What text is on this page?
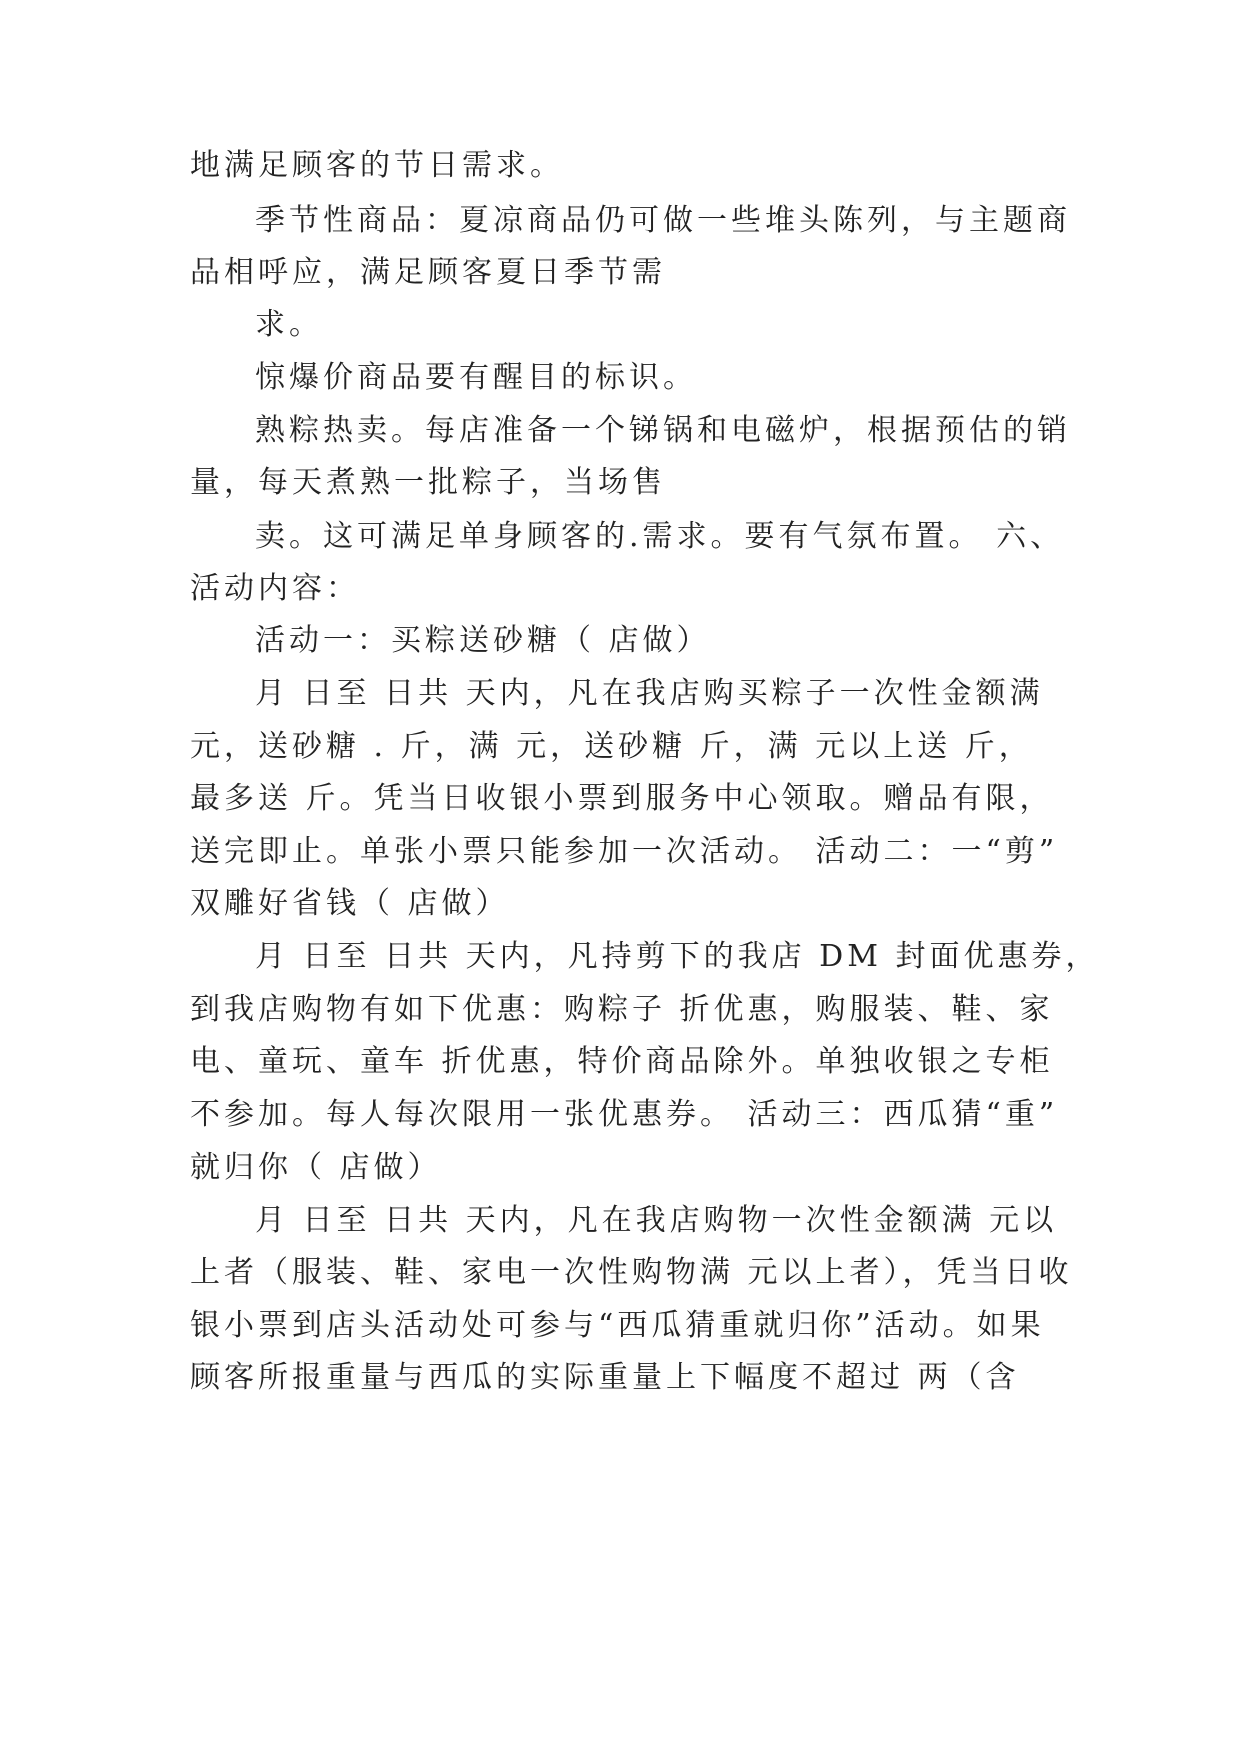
地满足顾客的节日需求。
季节性商品：夏凉商品仍可做一些堆头陈列，与主题商
品相呼应，满足顾客夏日季节需
求。
惊爆价商品要有醒目的标识。
熟粽热卖。每店准备一个锑锅和电磁炉，根据预估的销
量，每天煮熟一批粽子，当场售
卖。这可满足单身顾客的.需求。要有气氛布置。 六、
活动内容：
活动一：买粽送砂糖（ 店做）
月 日至 日共 天内，凡在我店购买粽子一次性金额满
元，送砂糖 . 斤，满 元，送砂糖 斤，满 元以上送 斤，
最多送 斤。凭当日收银小票到服务中心领取。赠品有限，
送完即止。单张小票只能参加一次活动。 活动二：一“剪”
双雕好省钱（ 店做）
月 日至 日共 天内，凡持剪下的我店 DM 封面优惠券，
到我店购物有如下优惠：购粽子 折优惠，购服装、鞋、家
电、童玩、童车 折优惠，特价商品除外。单独收银之专柜
不参加。每人每次限用一张优惠券。 活动三：西瓜猜“重”
就归你（ 店做）
月 日至 日共 天内，凡在我店购物一次性金额满 元以
上者（服装、鞋、家电一次性购物满 元以上者），凭当日收
银小票到店头活动处可参与“西瓜猜重就归你”活动。如果
顾客所报重量与西瓜的实际重量上下幅度不超过 两（含
